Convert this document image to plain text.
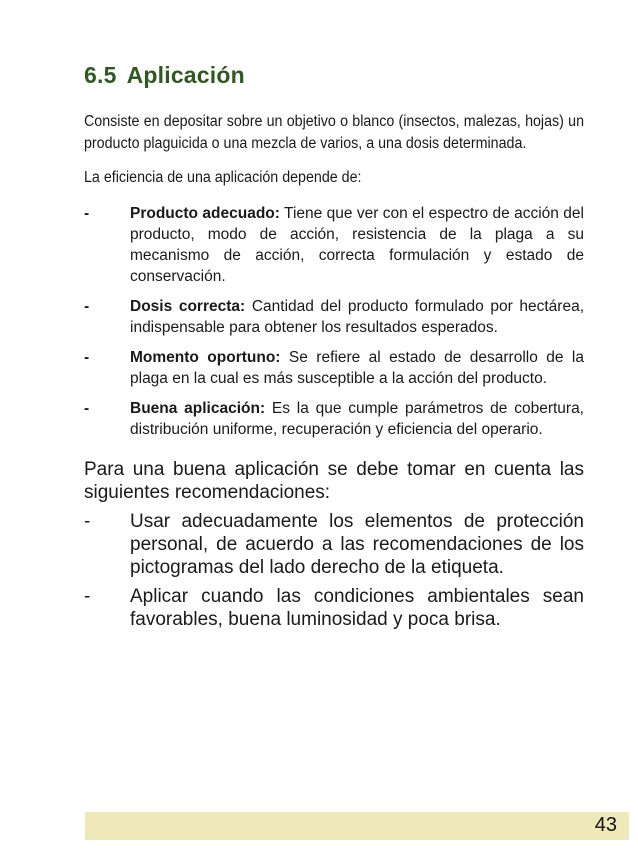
6.5 Aplicación

Consiste en depositar sobre un objetivo o blanco (insectos, malezas, hojas) un producto plaguicida o una mezcla de varios, a una dosis determinada.

La eficiencia de una aplicación depende de:

-	Producto adecuado: Tiene que ver con el espectro de acción del producto, modo de acción, resistencia de la plaga a su mecanismo de acción, correcta formulación y estado de conservación.
-	Dosis correcta: Cantidad del producto formulado por hectárea, indispensable para obtener los resultados esperados.
-	Momento oportuno: Se refiere al estado de desarrollo de la plaga en la cual es más susceptible a la acción del producto.
-	Buena aplicación: Es la que cumple parámetros de cobertura, distribución uniforme, recuperación y eficiencia del operario.

Para una buena aplicación se debe tomar en cuenta las siguientes recomendaciones:

-	Usar adecuadamente los elementos de protección personal, de acuerdo a las recomendaciones de los pictogramas del lado derecho de la etiqueta.
-	Aplicar cuando las condiciones ambientales sean favorables, buena luminosidad y poca brisa.
43
